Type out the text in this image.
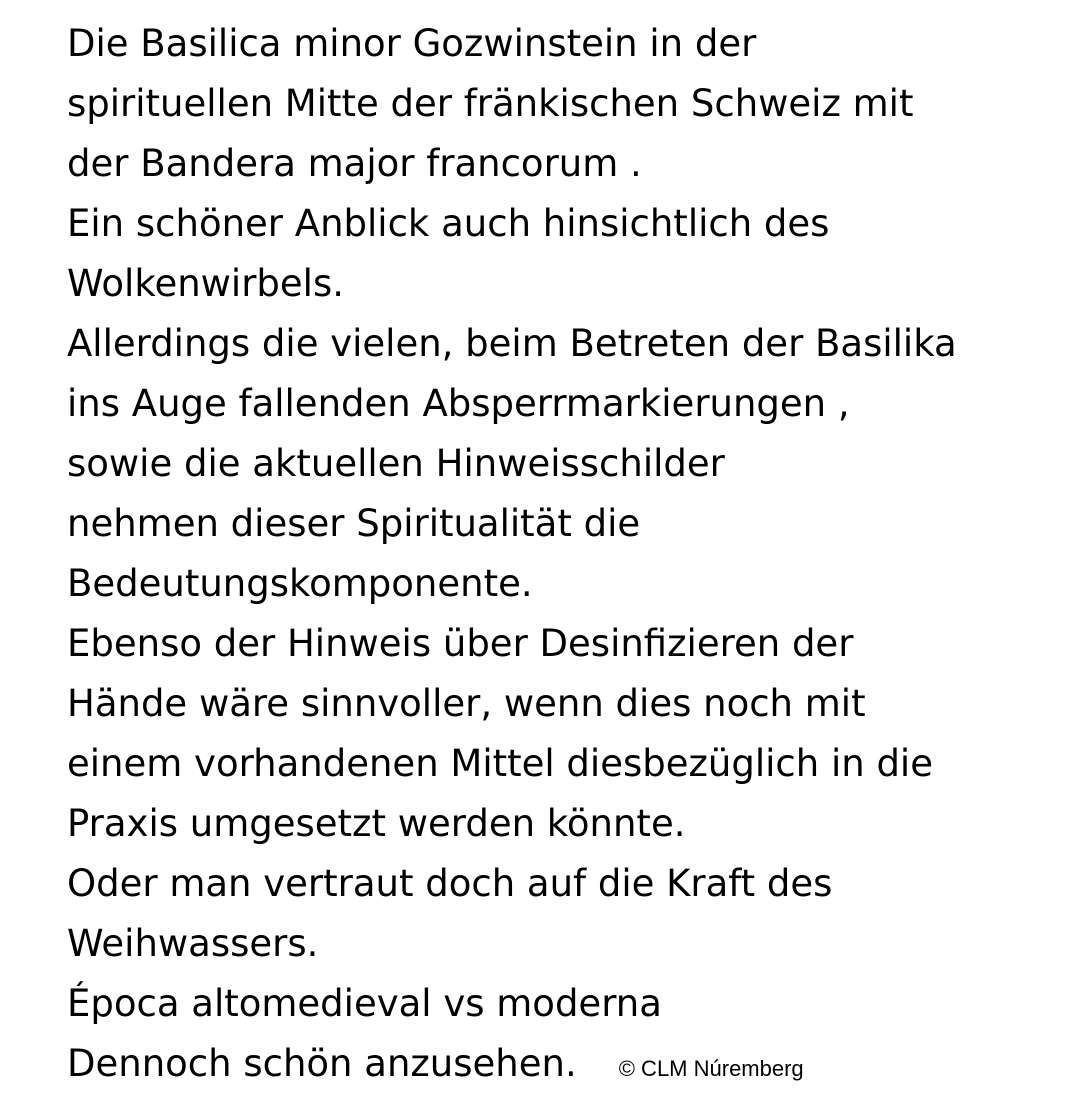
Die Basilica minor Gozwinstein in der
spirituellen Mitte der fränkischen Schweiz mit
der Bandera major francorum .
Ein schöner Anblick auch hinsichtlich des
Wolkenwirbels.
Allerdings die vielen, beim Betreten der Basilika
ins Auge fallenden Absperrmarkierungen ,
sowie die aktuellen Hinweisschilder
nehmen dieser Spiritualität die
Bedeutungskomponente.
Ebenso der Hinweis über Desinfizieren der
Hände wäre sinnvoller, wenn dies noch mit
einem vorhandenen Mittel diesbezüglich in die
Praxis umgesetzt werden könnte.
Oder man vertraut doch auf die Kraft des
Weihwassers.
Época altomedieval vs moderna
Dennoch schön anzusehen. © CLM Núremberg
